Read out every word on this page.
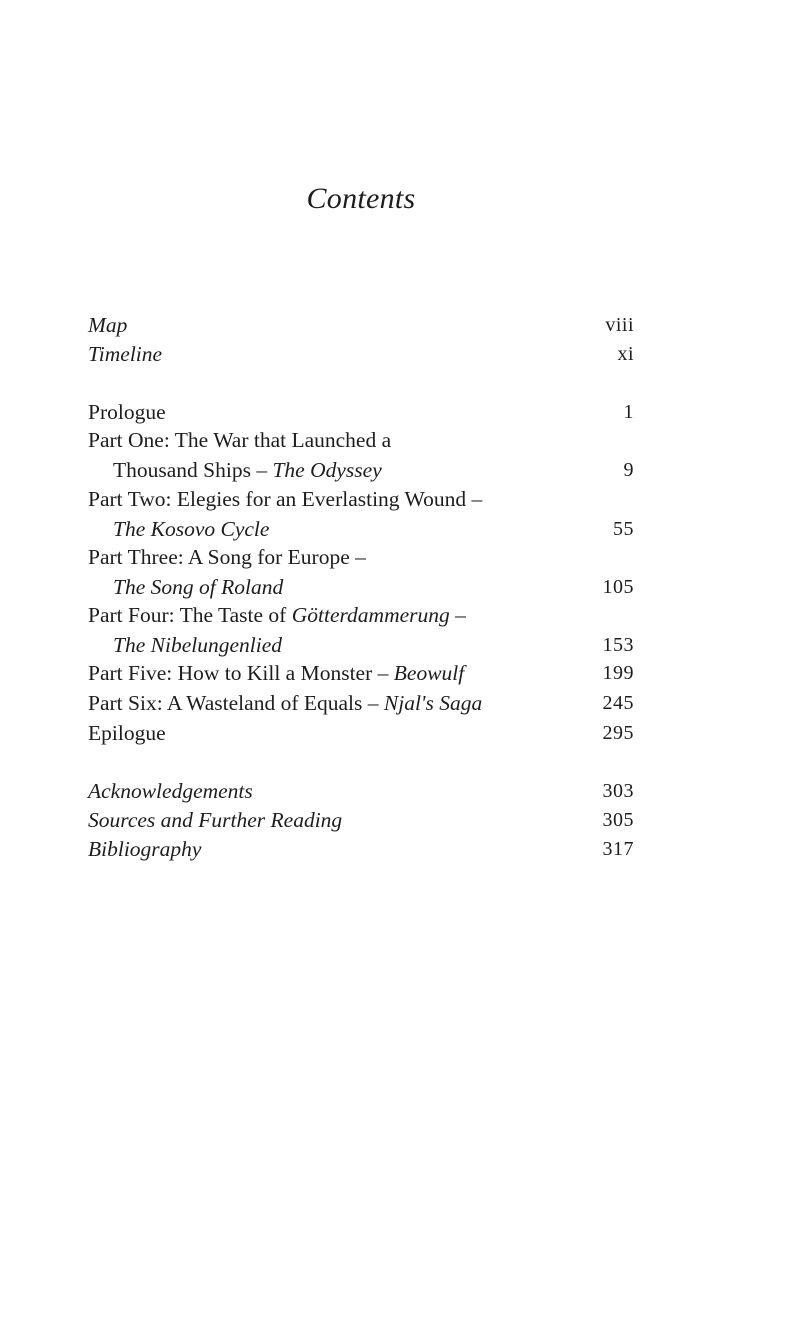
Contents
Map	viii
Timeline	xi
Prologue	1
Part One: The War that Launched a
Thousand Ships – The Odyssey	9
Part Two: Elegies for an Everlasting Wound –
The Kosovo Cycle	55
Part Three: A Song for Europe –
The Song of Roland	105
Part Four: The Taste of Götterdammerung –
The Nibelungenlied	153
Part Five: How to Kill a Monster – Beowulf	199
Part Six: A Wasteland of Equals – Njal's Saga	245
Epilogue	295
Acknowledgements	303
Sources and Further Reading	305
Bibliography	317
